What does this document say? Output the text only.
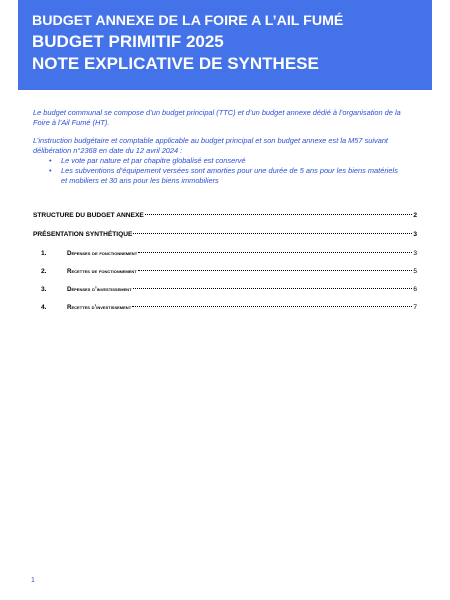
BUDGET ANNEXE DE LA FOIRE A L’AIL FUMÉ
BUDGET PRIMITIF 2025
NOTE EXPLICATIVE DE SYNTHESE

Le budget communal se compose d’un budget principal (TTC) et d’un budget annexe dédié à l’organisation de la Foire à l’Ail Fumé (HT).

L’instruction budgétaire et comptable applicable au budget principal et son budget annexe est la M57 suivant délibération n°2368 en date du 12 avril 2024 :

• Le vote par nature et par chapitre globalisé est conservé
• Les subventions d’équipement versées sont amorties pour une durée de 5 ans pour les biens matériels et mobiliers et 30 ans pour les biens immobiliers
STRUCTURE DU BUDGET ANNEXE	2
PRÉSENTATION SYNTHÉTIQUE	3
1.	Dépenses de fonctionnement	3
2.	Recettes de fonctionnement	5
3.	Dépenses d’investissement	6
4.	Recettes d’investissement	7
1
